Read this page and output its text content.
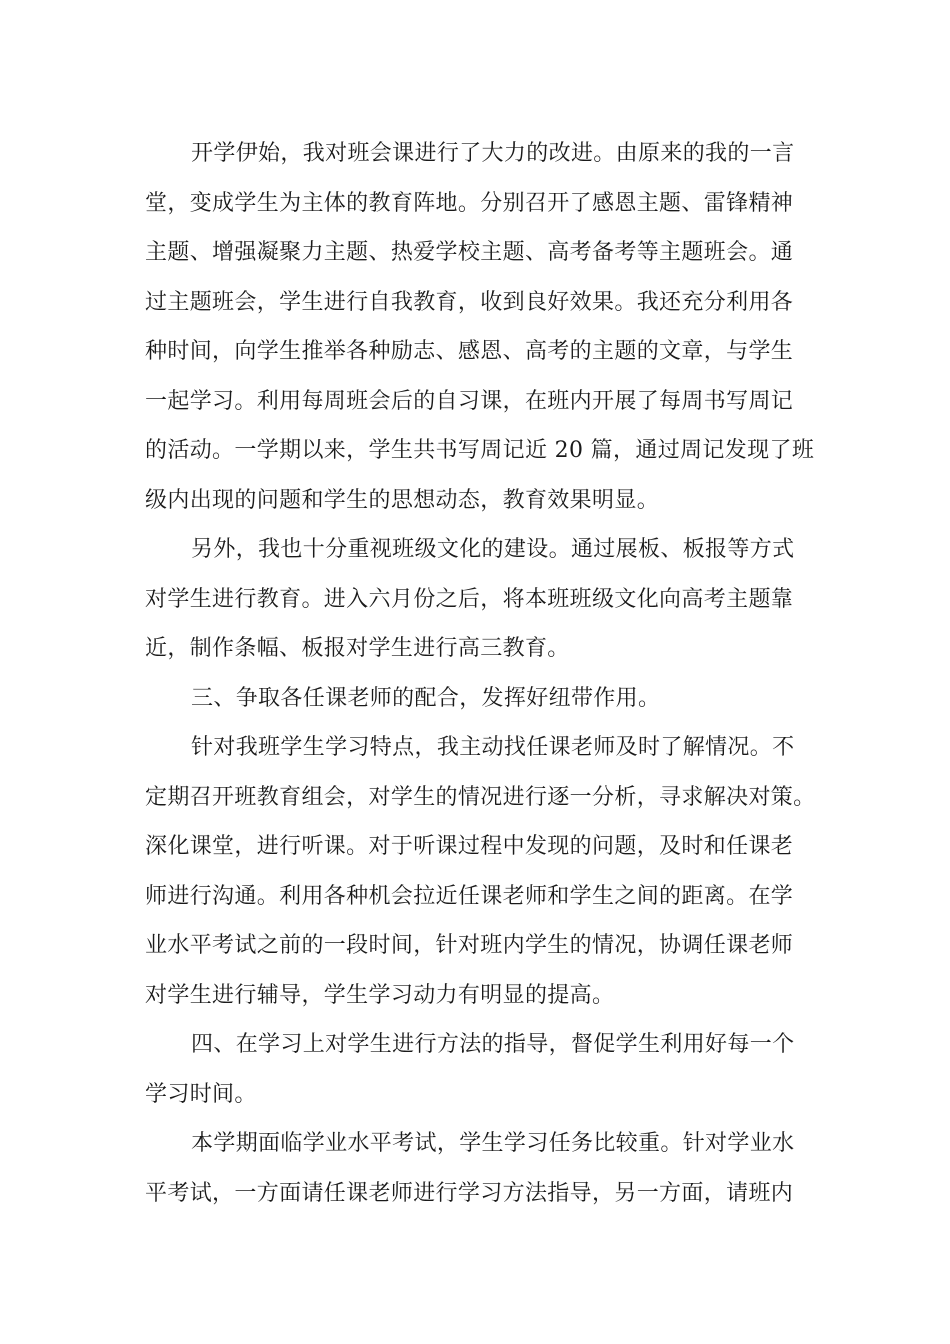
开学伊始，我对班会课进行了大力的改进。由原来的我的一言
堂，变成学生为主体的教育阵地。分别召开了感恩主题、雷锋精神
主题、增强凝聚力主题、热爱学校主题、高考备考等主题班会。通
过主题班会，学生进行自我教育，收到良好效果。我还充分利用各
种时间，向学生推举各种励志、感恩、高考的主题的文章，与学生
一起学习。利用每周班会后的自习课，在班内开展了每周书写周记
的活动。一学期以来，学生共书写周记近 20 篇，通过周记发现了班
级内出现的问题和学生的思想动态，教育效果明显。

另外，我也十分重视班级文化的建设。通过展板、板报等方式
对学生进行教育。进入六月份之后，将本班班级文化向高考主题靠
近，制作条幅、板报对学生进行高三教育。

三、争取各任课老师的配合，发挥好纽带作用。

针对我班学生学习特点，我主动找任课老师及时了解情况。不
定期召开班教育组会，对学生的情况进行逐一分析，寻求解决对策。
深化课堂，进行听课。对于听课过程中发现的问题，及时和任课老
师进行沟通。利用各种机会拉近任课老师和学生之间的距离。在学
业水平考试之前的一段时间，针对班内学生的情况，协调任课老师
对学生进行辅导，学生学习动力有明显的提高。

四、在学习上对学生进行方法的指导，督促学生利用好每一个
学习时间。

本学期面临学业水平考试，学生学习任务比较重。针对学业水
平考试，一方面请任课老师进行学习方法指导，另一方面，请班内
